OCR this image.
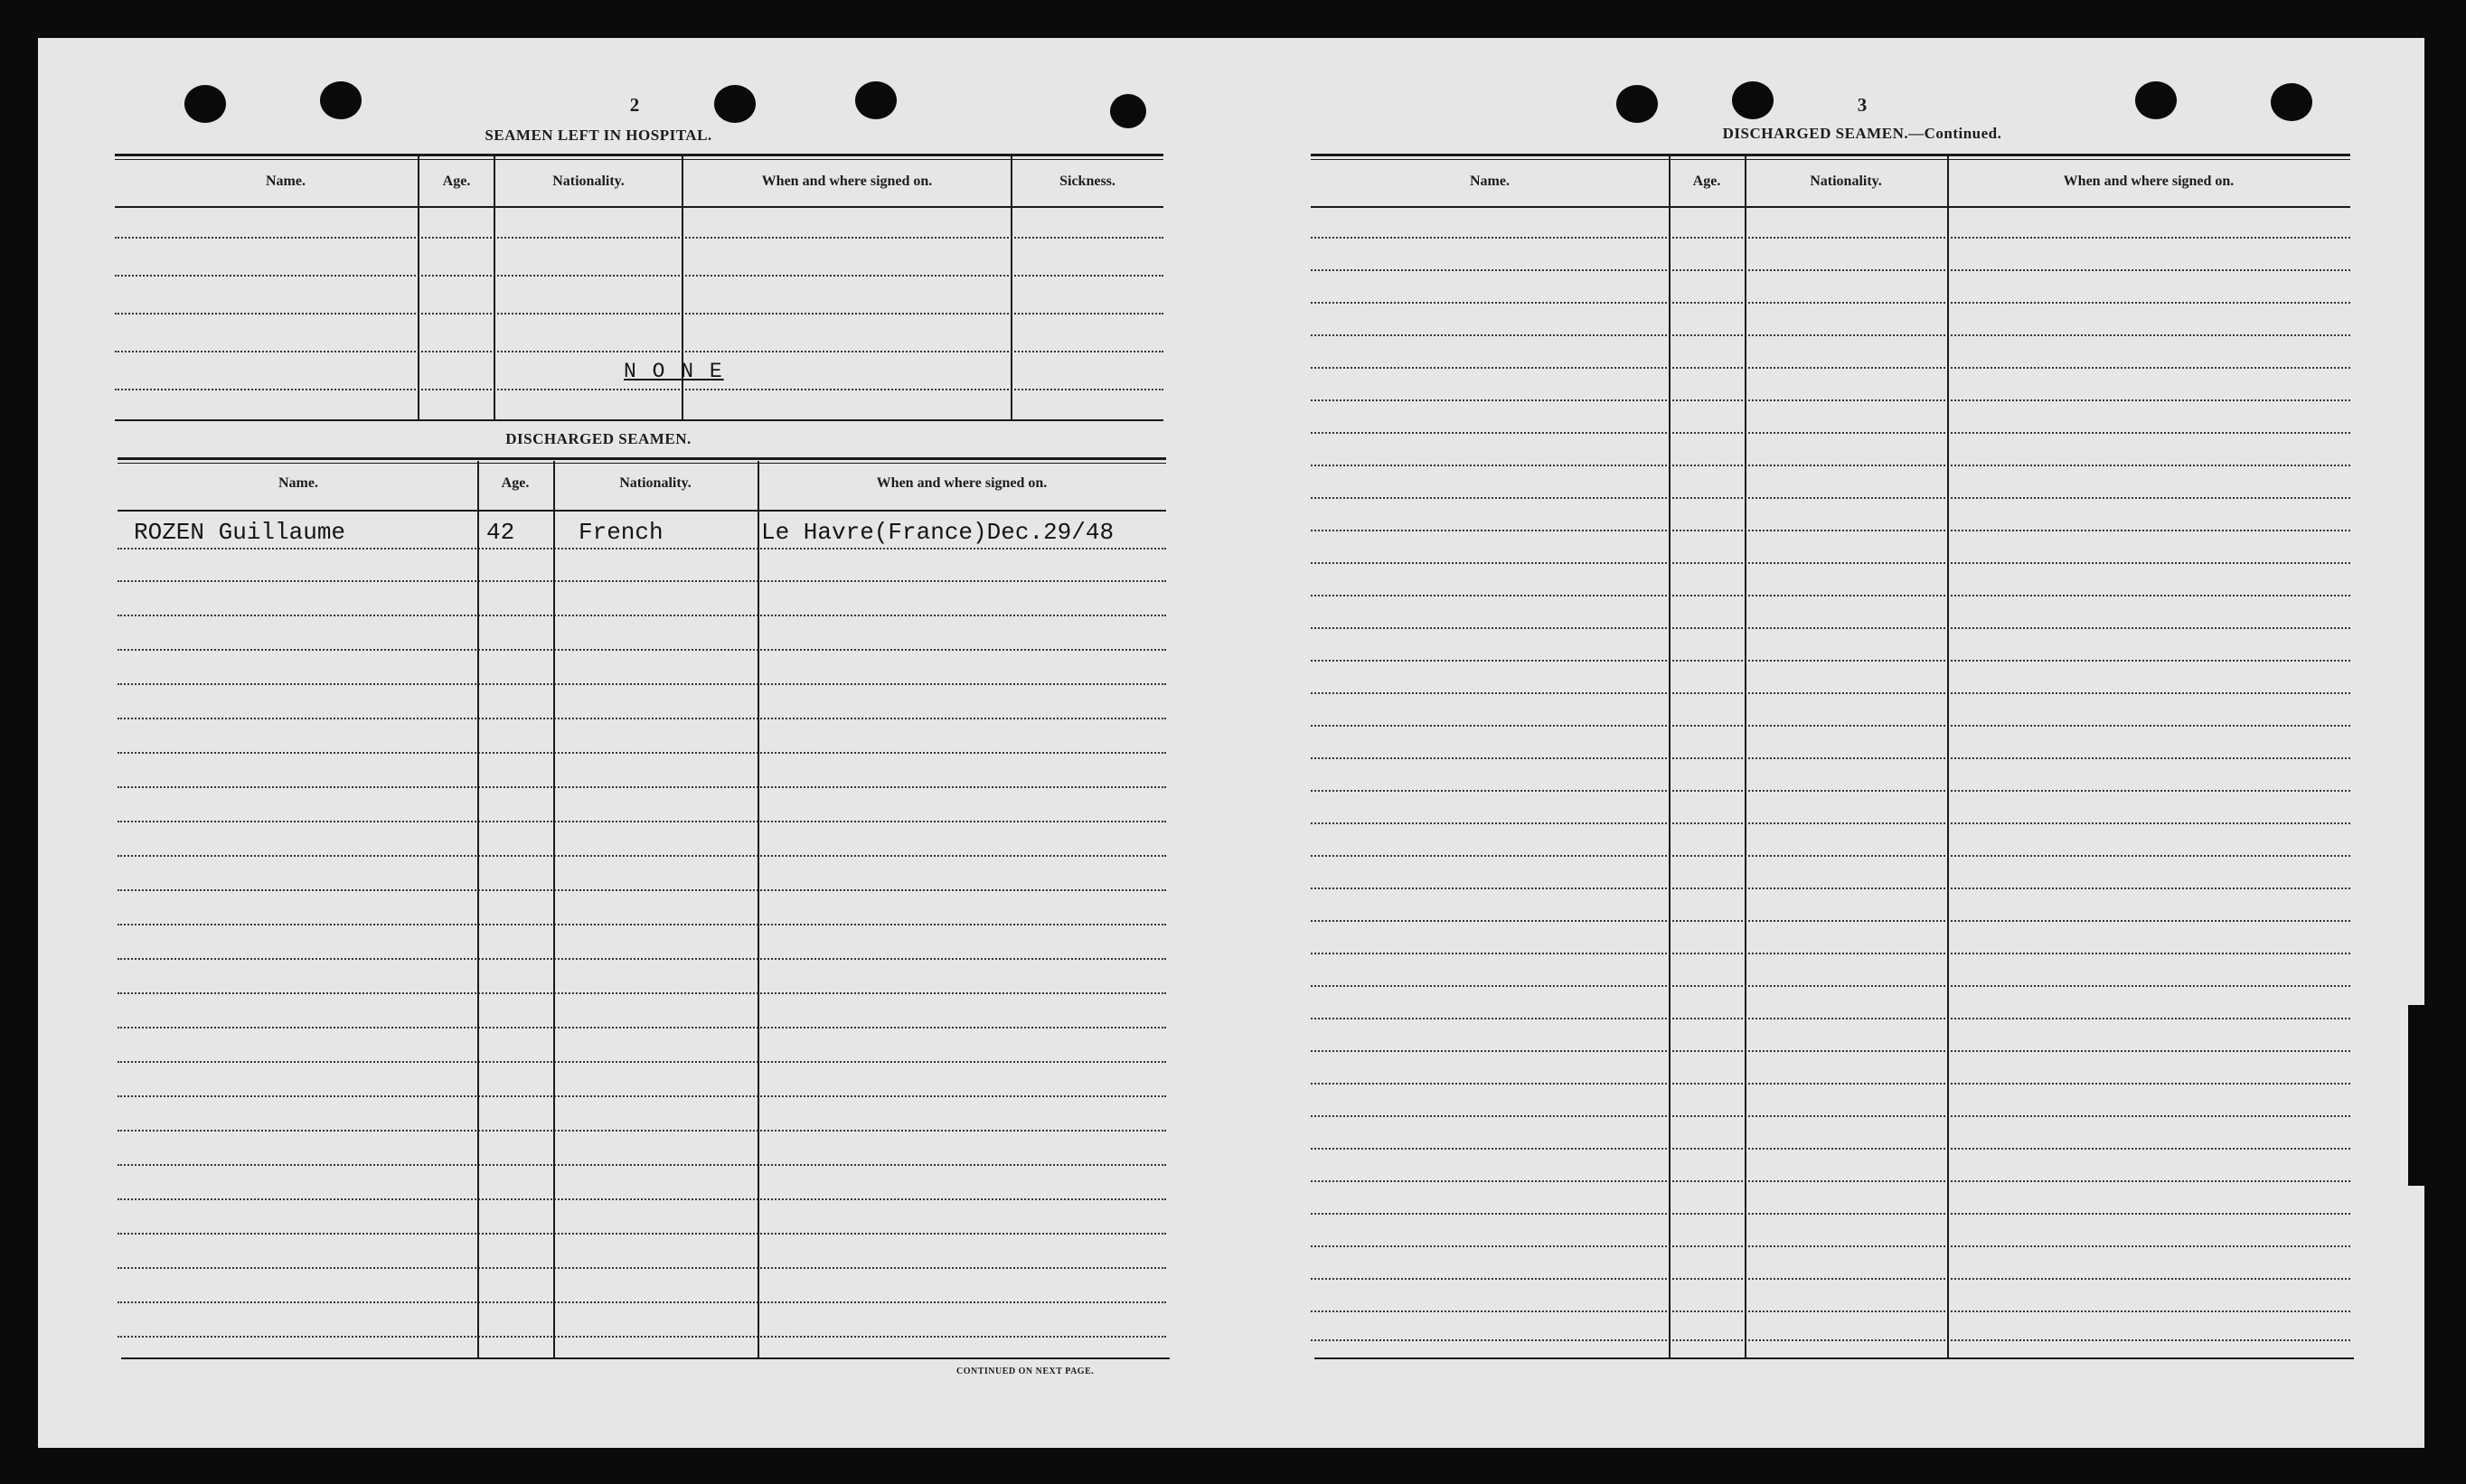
2
SEAMEN LEFT IN HOSPITAL.
Name.	Age.	Nationality.	When and where signed on.	Sickness.
N O N E
DISCHARGED SEAMEN.
Name.	Age.	Nationality.	When and where signed on.
ROZEN Guillaume	42	French	Le Havre(France)Dec.29/48
CONTINUED ON NEXT PAGE.
3
DISCHARGED SEAMEN.—Continued.
Name.	Age.	Nationality.	When and where signed on.
